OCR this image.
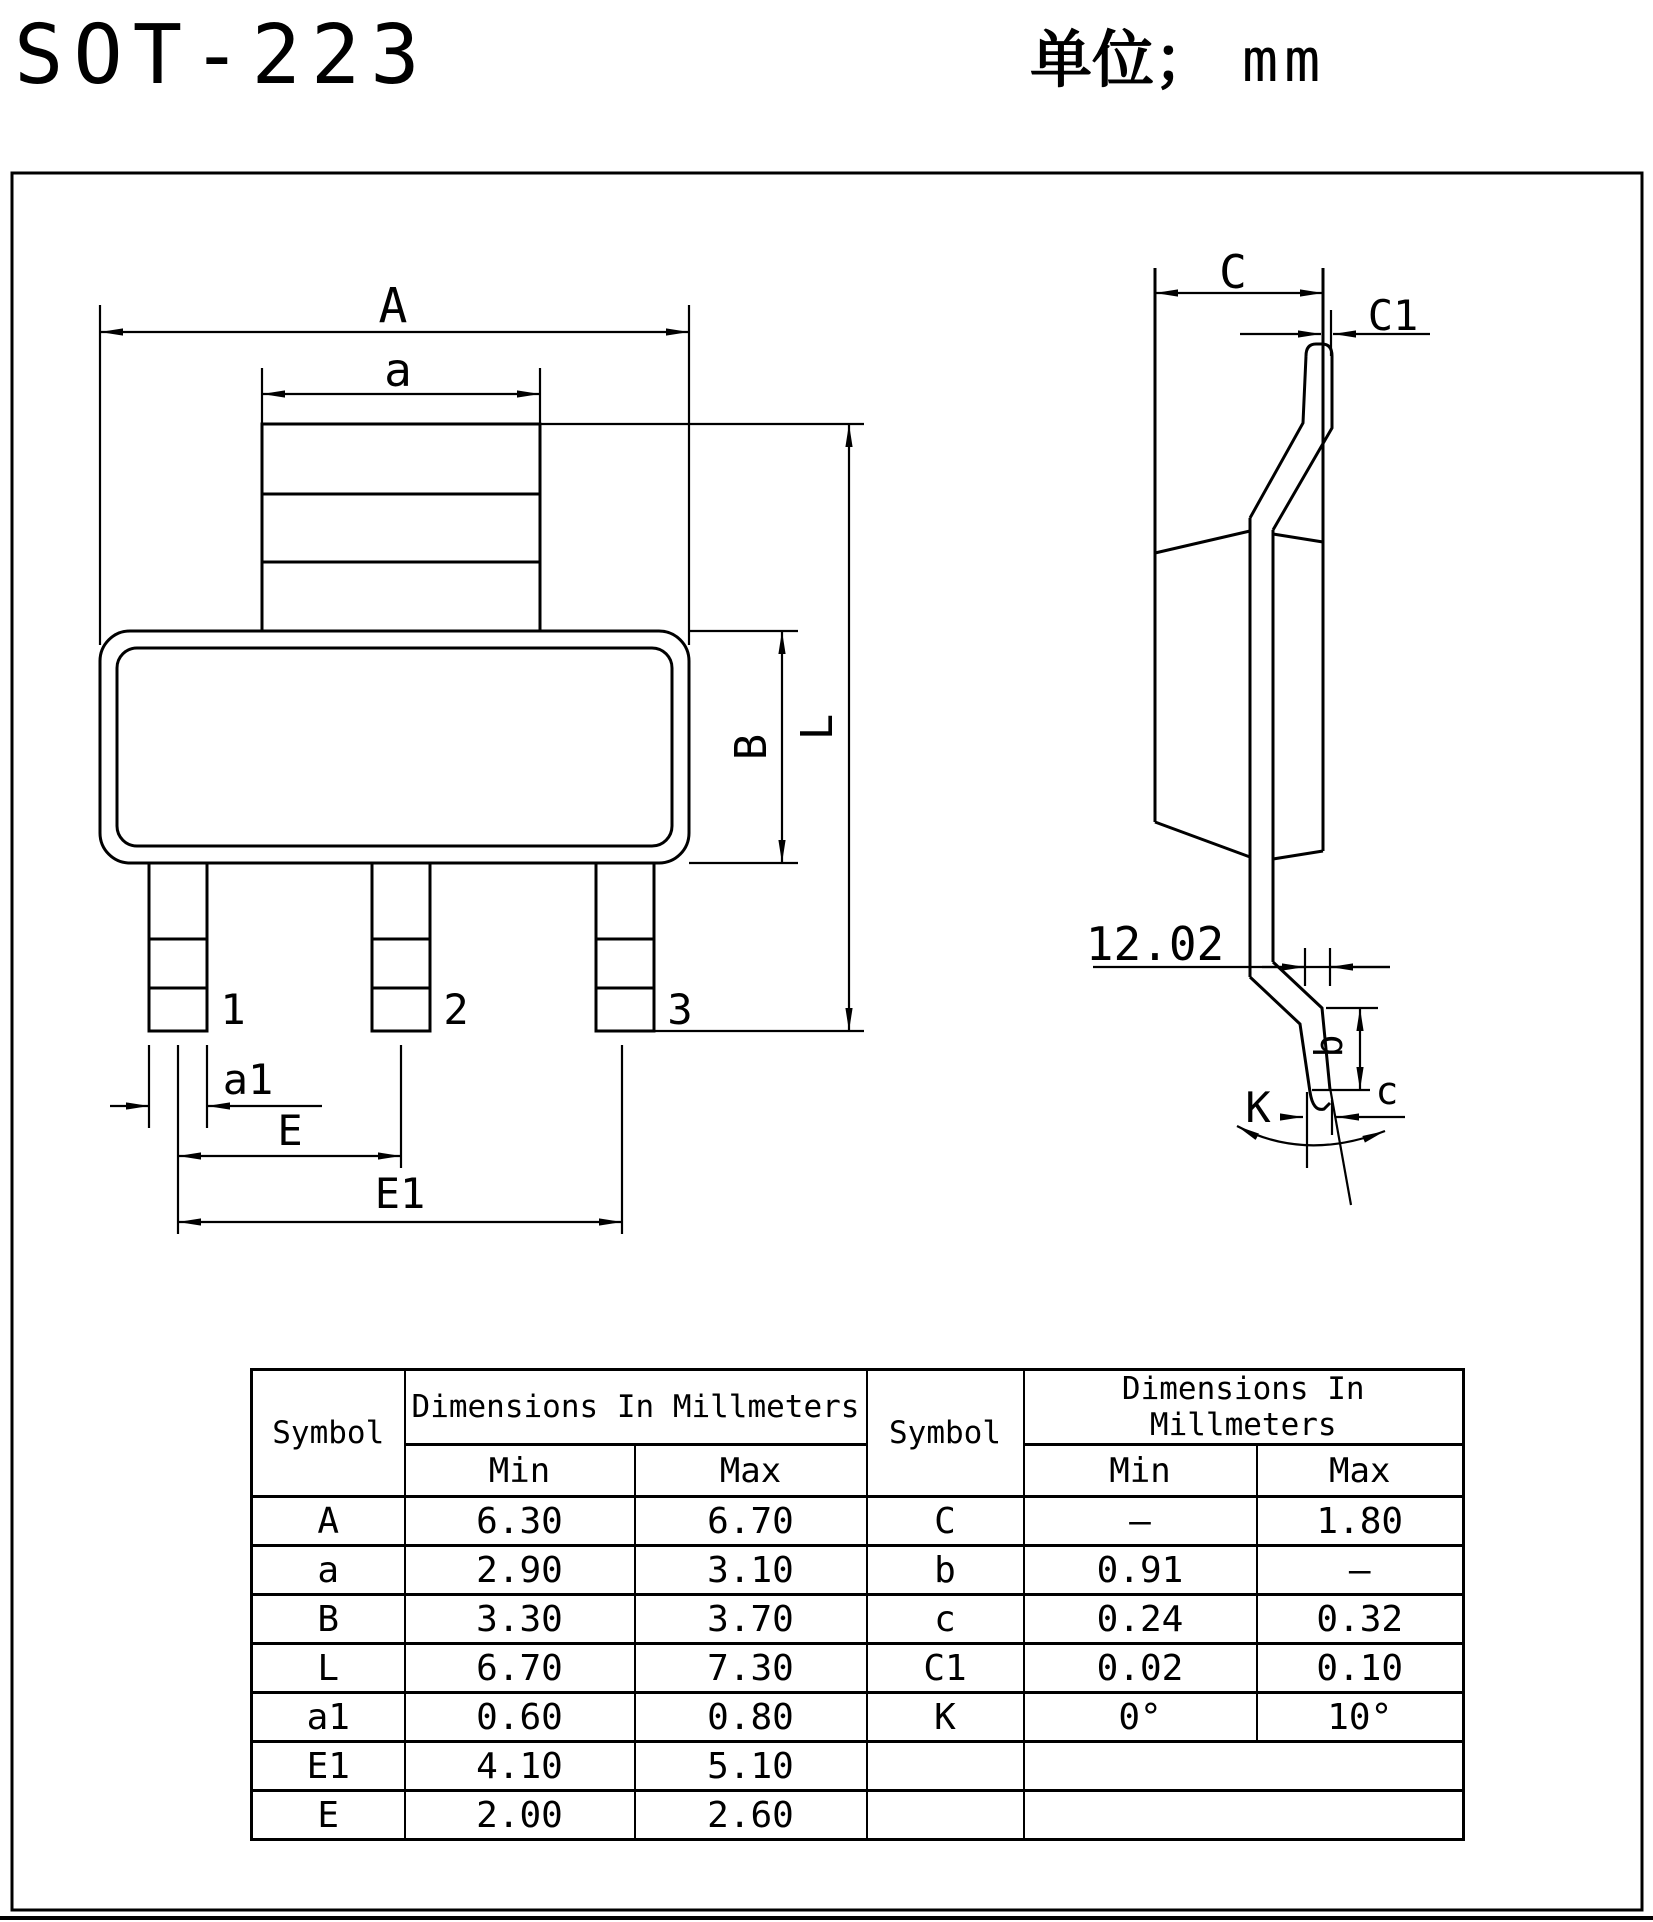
SOT-223	单位； mm
A
a
B
L
1	2	3
a1
E
E1
C
C1
12.02
b
c
K
Symbol	Dimensions In Millmeters		Symbol	Dimensions In Millmeters	
	Min	Max		Min	Max
A	6.30	6.70	C	–	1.80
a	2.90	3.10	b	0.91	–
B	3.30	3.70	c	0.24	0.32
L	6.70	7.30	C1	0.02	0.10
a1	0.60	0.80	K	0°	10°
E1	4.10	5.10			
E	2.00	2.60			
